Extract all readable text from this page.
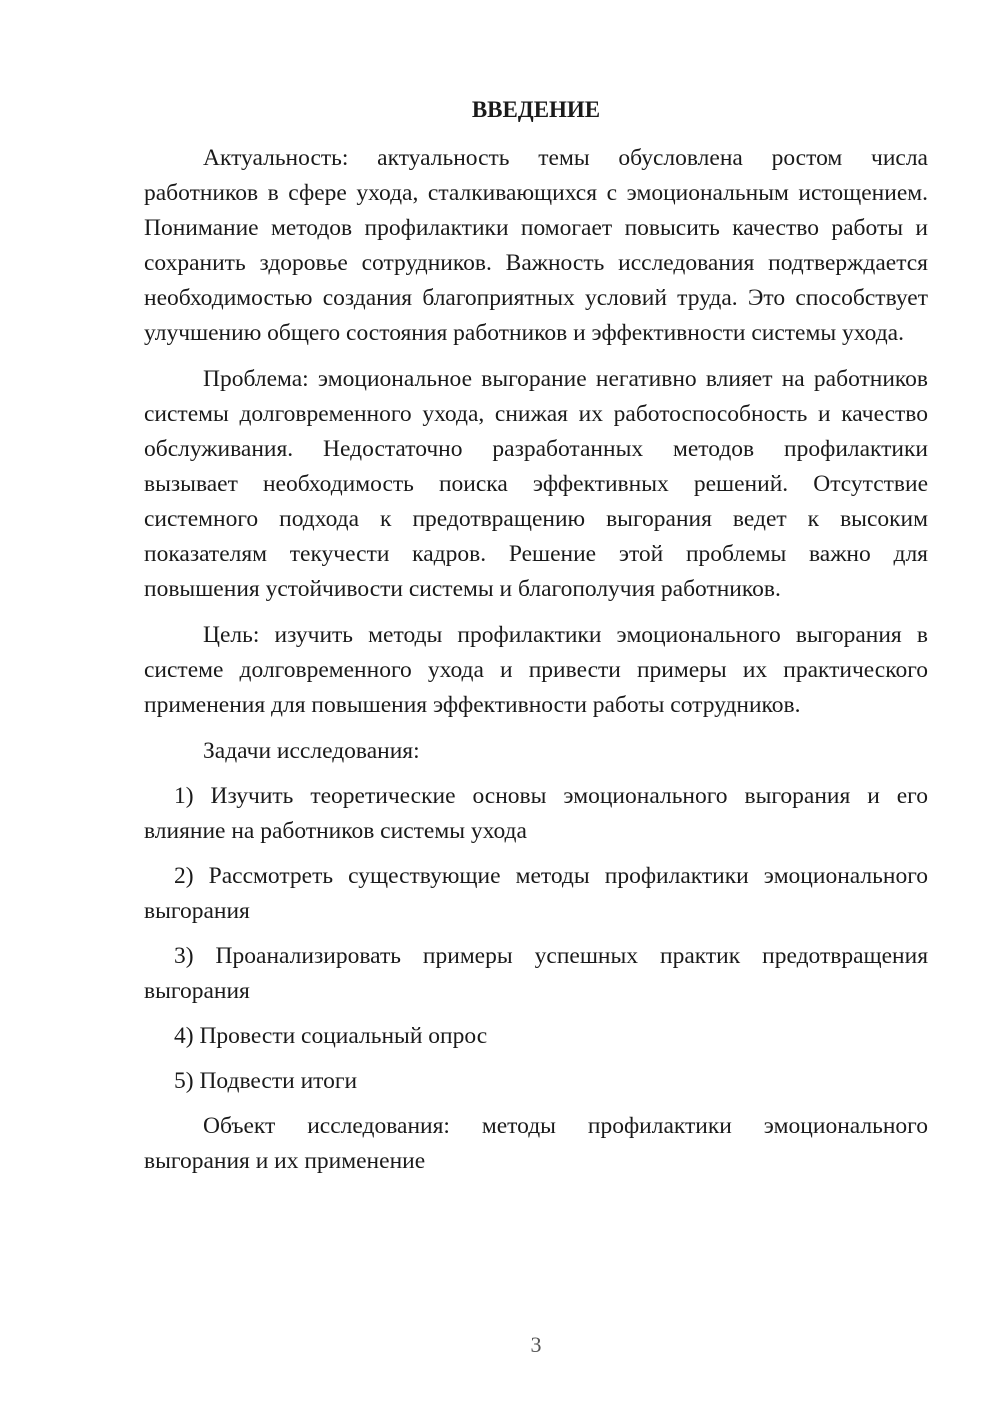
ВВЕДЕНИЕ

Актуальность: актуальность темы обусловлена ростом числа работников в сфере ухода, сталкивающихся с эмоциональным истощением. Понимание методов профилактики помогает повысить качество работы и сохранить здоровье сотрудников. Важность исследования подтверждается необходимостью создания благоприятных условий труда. Это способствует улучшению общего состояния работников и эффективности системы ухода.

Проблема: эмоциональное выгорание негативно влияет на работников системы долговременного ухода, снижая их работоспособность и качество обслуживания. Недостаточно разработанных методов профилактики вызывает необходимость поиска эффективных решений. Отсутствие системного подхода к предотвращению выгорания ведет к высоким показателям текучести кадров. Решение этой проблемы важно для повышения устойчивости системы и благополучия работников.

Цель: изучить методы профилактики эмоционального выгорания в системе долговременного ухода и привести примеры их практического применения для повышения эффективности работы сотрудников.

Задачи исследования:

1) Изучить теоретические основы эмоционального выгорания и его влияние на работников системы ухода

2) Рассмотреть существующие методы профилактики эмоционального выгорания

3) Проанализировать примеры успешных практик предотвращения выгорания

4) Провести социальный опрос

5) Подвести итоги

Объект исследования: методы профилактики эмоционального выгорания и их применение

3
